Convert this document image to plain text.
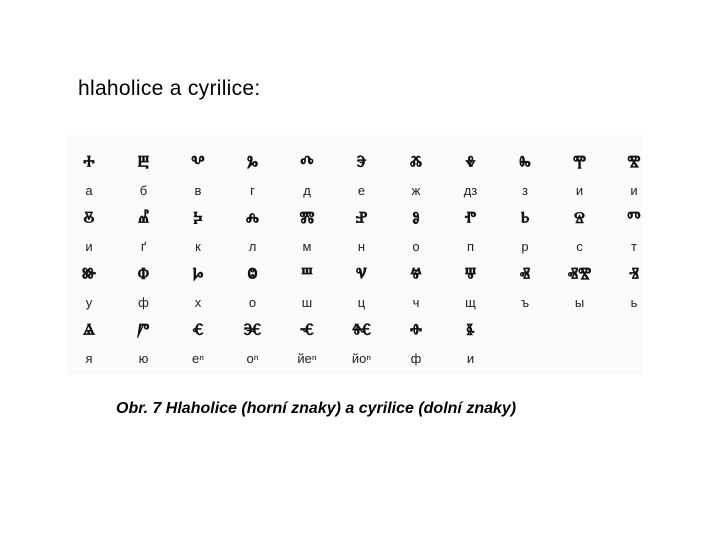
hlaholice a cyrilice:
ⰰ
а
ⰱ
б
ⰲ
в
ⰳ
г
ⰴ
д
ⰵ
е
ⰶ
ж
ⰷ
дз
ⰸ
з
ⰹ
и
ⰺ
и
ⰻ
и
ⰼ
ґ
ⰽ
к
ⰾ
л
ⰿ
м
ⱀ
н
ⱁ
о
ⱂ
п
ⱃ
р
ⱄ
с
ⱅ
т
ⱆ
у
ⱇ
ф
ⱈ
х
ⱉ
о
ⱎ
ш
ⱌ
ц
ⱍ
ч
ⱋ
щ
ⱏ
ъ
ⱏⰺ
ы
ⱐ
ь
ⱑ
я
ⱓ
ю
ⱔ
еⁿ
ⱗ
оⁿ
ⱕ
йеⁿ
ⱙ
йоⁿ
ⱚ
ф
ⱛ
и
Obr. 7 Hlaholice (horní znaky) a cyrilice (dolní znaky)
